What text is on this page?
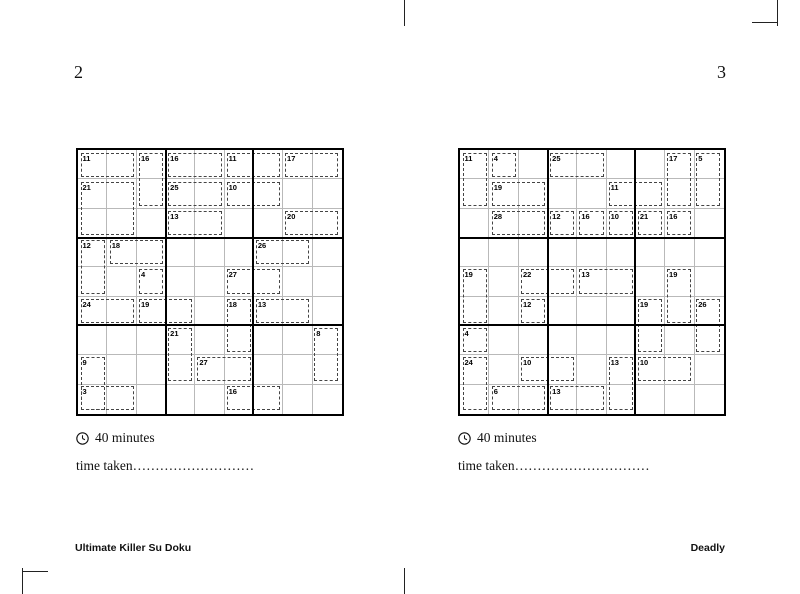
2	3
11	16	16	11	17
21	25	10
13	20
12	18	26
4	27
24	19	18	13
21	8
9	27
3	16
40 minutes
time taken………………………
11	4	25	17	5
19	11
28	12	16	10	21	16
19	22	13	19
12	19	26
4
24	10	13	10
6	13
40 minutes
time taken…………………………
Ultimate Killer Su Doku	Deadly
